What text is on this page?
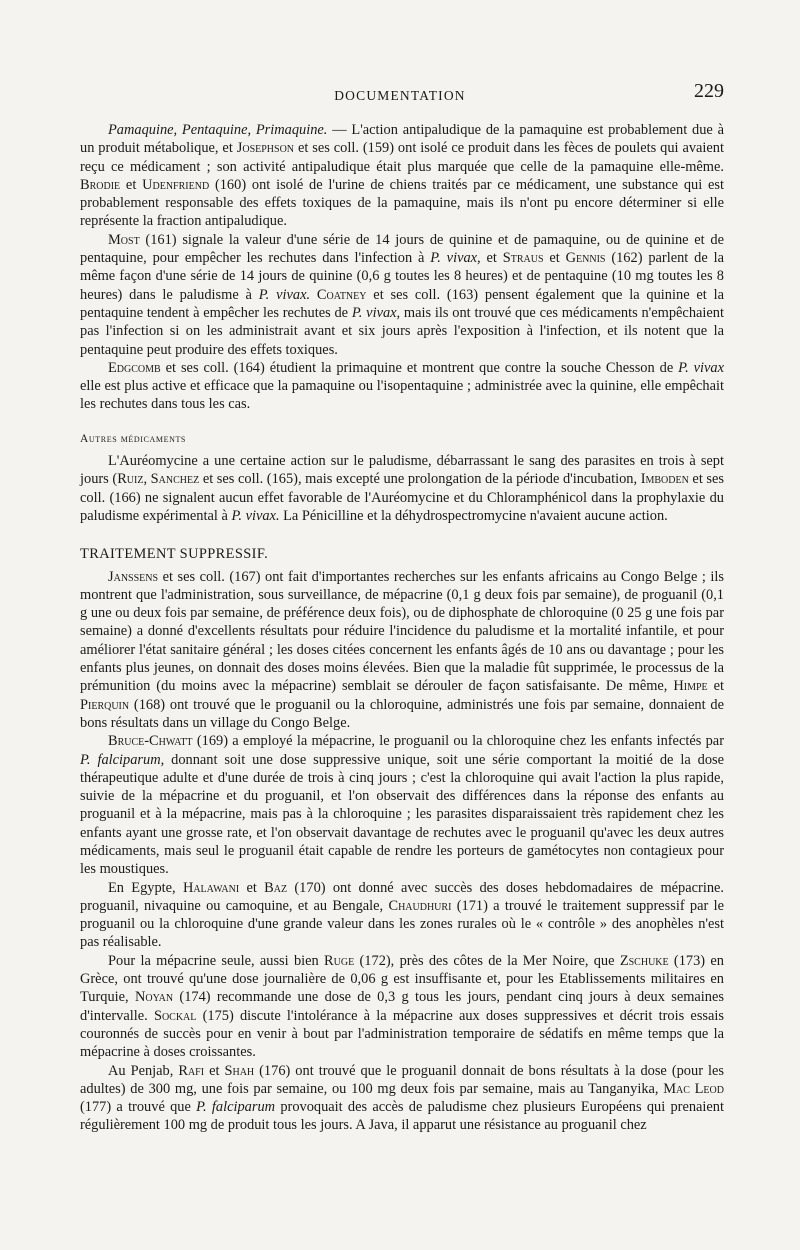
DOCUMENTATION	229

Pamaquine, Pentaquine, Primaquine. — L'action antipaludique de la pamaquine est probablement due à un produit métabolique, et Josephson et ses coll. (159) ont isolé ce produit dans les fèces de poulets qui avaient reçu ce médicament ; son activité antipaludique était plus marquée que celle de la pamaquine elle-même. Brodie et Udenfriend (160) ont isolé de l'urine de chiens traités par ce médicament, une substance qui est probablement responsable des effets toxiques de la pamaquine, mais ils n'ont pu encore déterminer si elle représente la fraction antipaludique.

Most (161) signale la valeur d'une série de 14 jours de quinine et de pamaquine, ou de quinine et de pentaquine, pour empêcher les rechutes dans l'infection à P. vivax, et Straus et Gennis (162) parlent de la même façon d'une série de 14 jours de quinine (0,6 g toutes les 8 heures) et de pentaquine (10 mg toutes les 8 heures) dans le paludisme à P. vivax. Coatney et ses coll. (163) pensent également que la quinine et la pentaquine tendent à empêcher les rechutes de P. vivax, mais ils ont trouvé que ces médicaments n'empêchaient pas l'infection si on les administrait avant et six jours après l'exposition à l'infection, et ils notent que la pentaquine peut produire des effets toxiques.

Edgcomb et ses coll. (164) étudient la primaquine et montrent que contre la souche Chesson de P. vivax elle est plus active et efficace que la pamaquine ou l'isopentaquine ; administrée avec la quinine, elle empêchait les rechutes dans tous les cas.

Autres médicaments

L'Auréomycine a une certaine action sur le paludisme, débarrassant le sang des parasites en trois à sept jours (Ruiz, Sanchez et ses coll. (165), mais excepté une prolongation de la période d'incubation, Imboden et ses coll. (166) ne signalent aucun effet favorable de l'Auréomycine et du Chloramphénicol dans la prophylaxie du paludisme expérimental à P. vivax. La Pénicilline et la déhydrospectromycine n'avaient aucune action.

TRAITEMENT SUPPRESSIF.

Janssens et ses coll. (167) ont fait d'importantes recherches sur les enfants africains au Congo Belge ; ils montrent que l'administration, sous surveillance, de mépacrine (0,1 g deux fois par semaine), de proguanil (0,1 g une ou deux fois par semaine, de préférence deux fois), ou de diphosphate de chloroquine (0 25 g une fois par semaine) a donné d'excellents résultats pour réduire l'incidence du paludisme et la mortalité infantile, et pour améliorer l'état sanitaire général ; les doses citées concernent les enfants âgés de 10 ans ou davantage ; pour les enfants plus jeunes, on donnait des doses moins élevées. Bien que la maladie fût supprimée, le processus de la prémunition (du moins avec la mépacrine) semblait se dérouler de façon satisfaisante. De même, Himpe et Pierquin (168) ont trouvé que le proguanil ou la chloroquine, administrés une fois par semaine, donnaient de bons résultats dans un village du Congo Belge.

Bruce-Chwatt (169) a employé la mépacrine, le proguanil ou la chloroquine chez les enfants infectés par P. falciparum, donnant soit une dose suppressive unique, soit une série comportant la moitié de la dose thérapeutique adulte et d'une durée de trois à cinq jours ; c'est la chloroquine qui avait l'action la plus rapide, suivie de la mépacrine et du proguanil, et l'on observait des différences dans la réponse des enfants au proguanil et à la mépacrine, mais pas à la chloroquine ; les parasites disparaissaient très rapidement chez les enfants ayant une grosse rate, et l'on observait davantage de rechutes avec le proguanil qu'avec les deux autres médicaments, mais seul le proguanil était capable de rendre les porteurs de gamétocytes non contagieux pour les moustiques.

En Egypte, Halawani et Baz (170) ont donné avec succès des doses hebdomadaires de mépacrine. proguanil, nivaquine ou camoquine, et au Bengale, Chaudhuri (171) a trouvé le traitement suppressif par le proguanil ou la chloroquine d'une grande valeur dans les zones rurales où le « contrôle » des anophèles n'est pas réalisable.

Pour la mépacrine seule, aussi bien Ruge (172), près des côtes de la Mer Noire, que Zschuke (173) en Grèce, ont trouvé qu'une dose journalière de 0,06 g est insuffisante et, pour les Etablissements militaires en Turquie, Noyan (174) recommande une dose de 0,3 g tous les jours, pendant cinq jours à deux semaines d'intervalle. Sockal (175) discute l'intolérance à la mépacrine aux doses suppressives et décrit trois essais couronnés de succès pour en venir à bout par l'administration temporaire de sédatifs en même temps que la mépacrine à doses croissantes.

Au Penjab, Rafi et Shah (176) ont trouvé que le proguanil donnait de bons résultats à la dose (pour les adultes) de 300 mg, une fois par semaine, ou 100 mg deux fois par semaine, mais au Tanganyika, Mac Leod (177) a trouvé que P. falciparum provoquait des accès de paludisme chez plusieurs Européens qui prenaient régulièrement 100 mg de produit tous les jours. A Java, il apparut une résistance au proguanil chez
